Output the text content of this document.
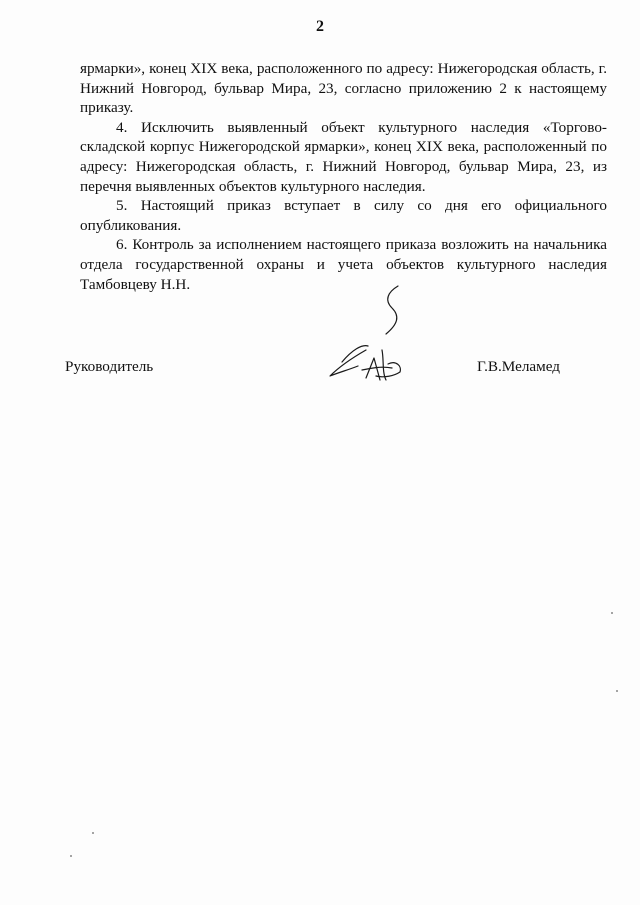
2

ярмарки», конец XIX века, расположенного по адресу: Нижегородская область, г. Нижний Новгород, бульвар Мира, 23, согласно приложению 2 к настоящему приказу.

4. Исключить выявленный объект культурного наследия «Торгово-складской корпус Нижегородской ярмарки», конец XIX века, расположенный по адресу: Нижегородская область, г. Нижний Новгород, бульвар Мира, 23, из перечня выявленных объектов культурного наследия.

5. Настоящий приказ вступает в силу со дня его официального опубликования.

6. Контроль за исполнением настоящего приказа возложить на начальника отдела государственной охраны и учета объектов культурного наследия Тамбовцеву Н.Н.

Руководитель	Г.В.Меламед
